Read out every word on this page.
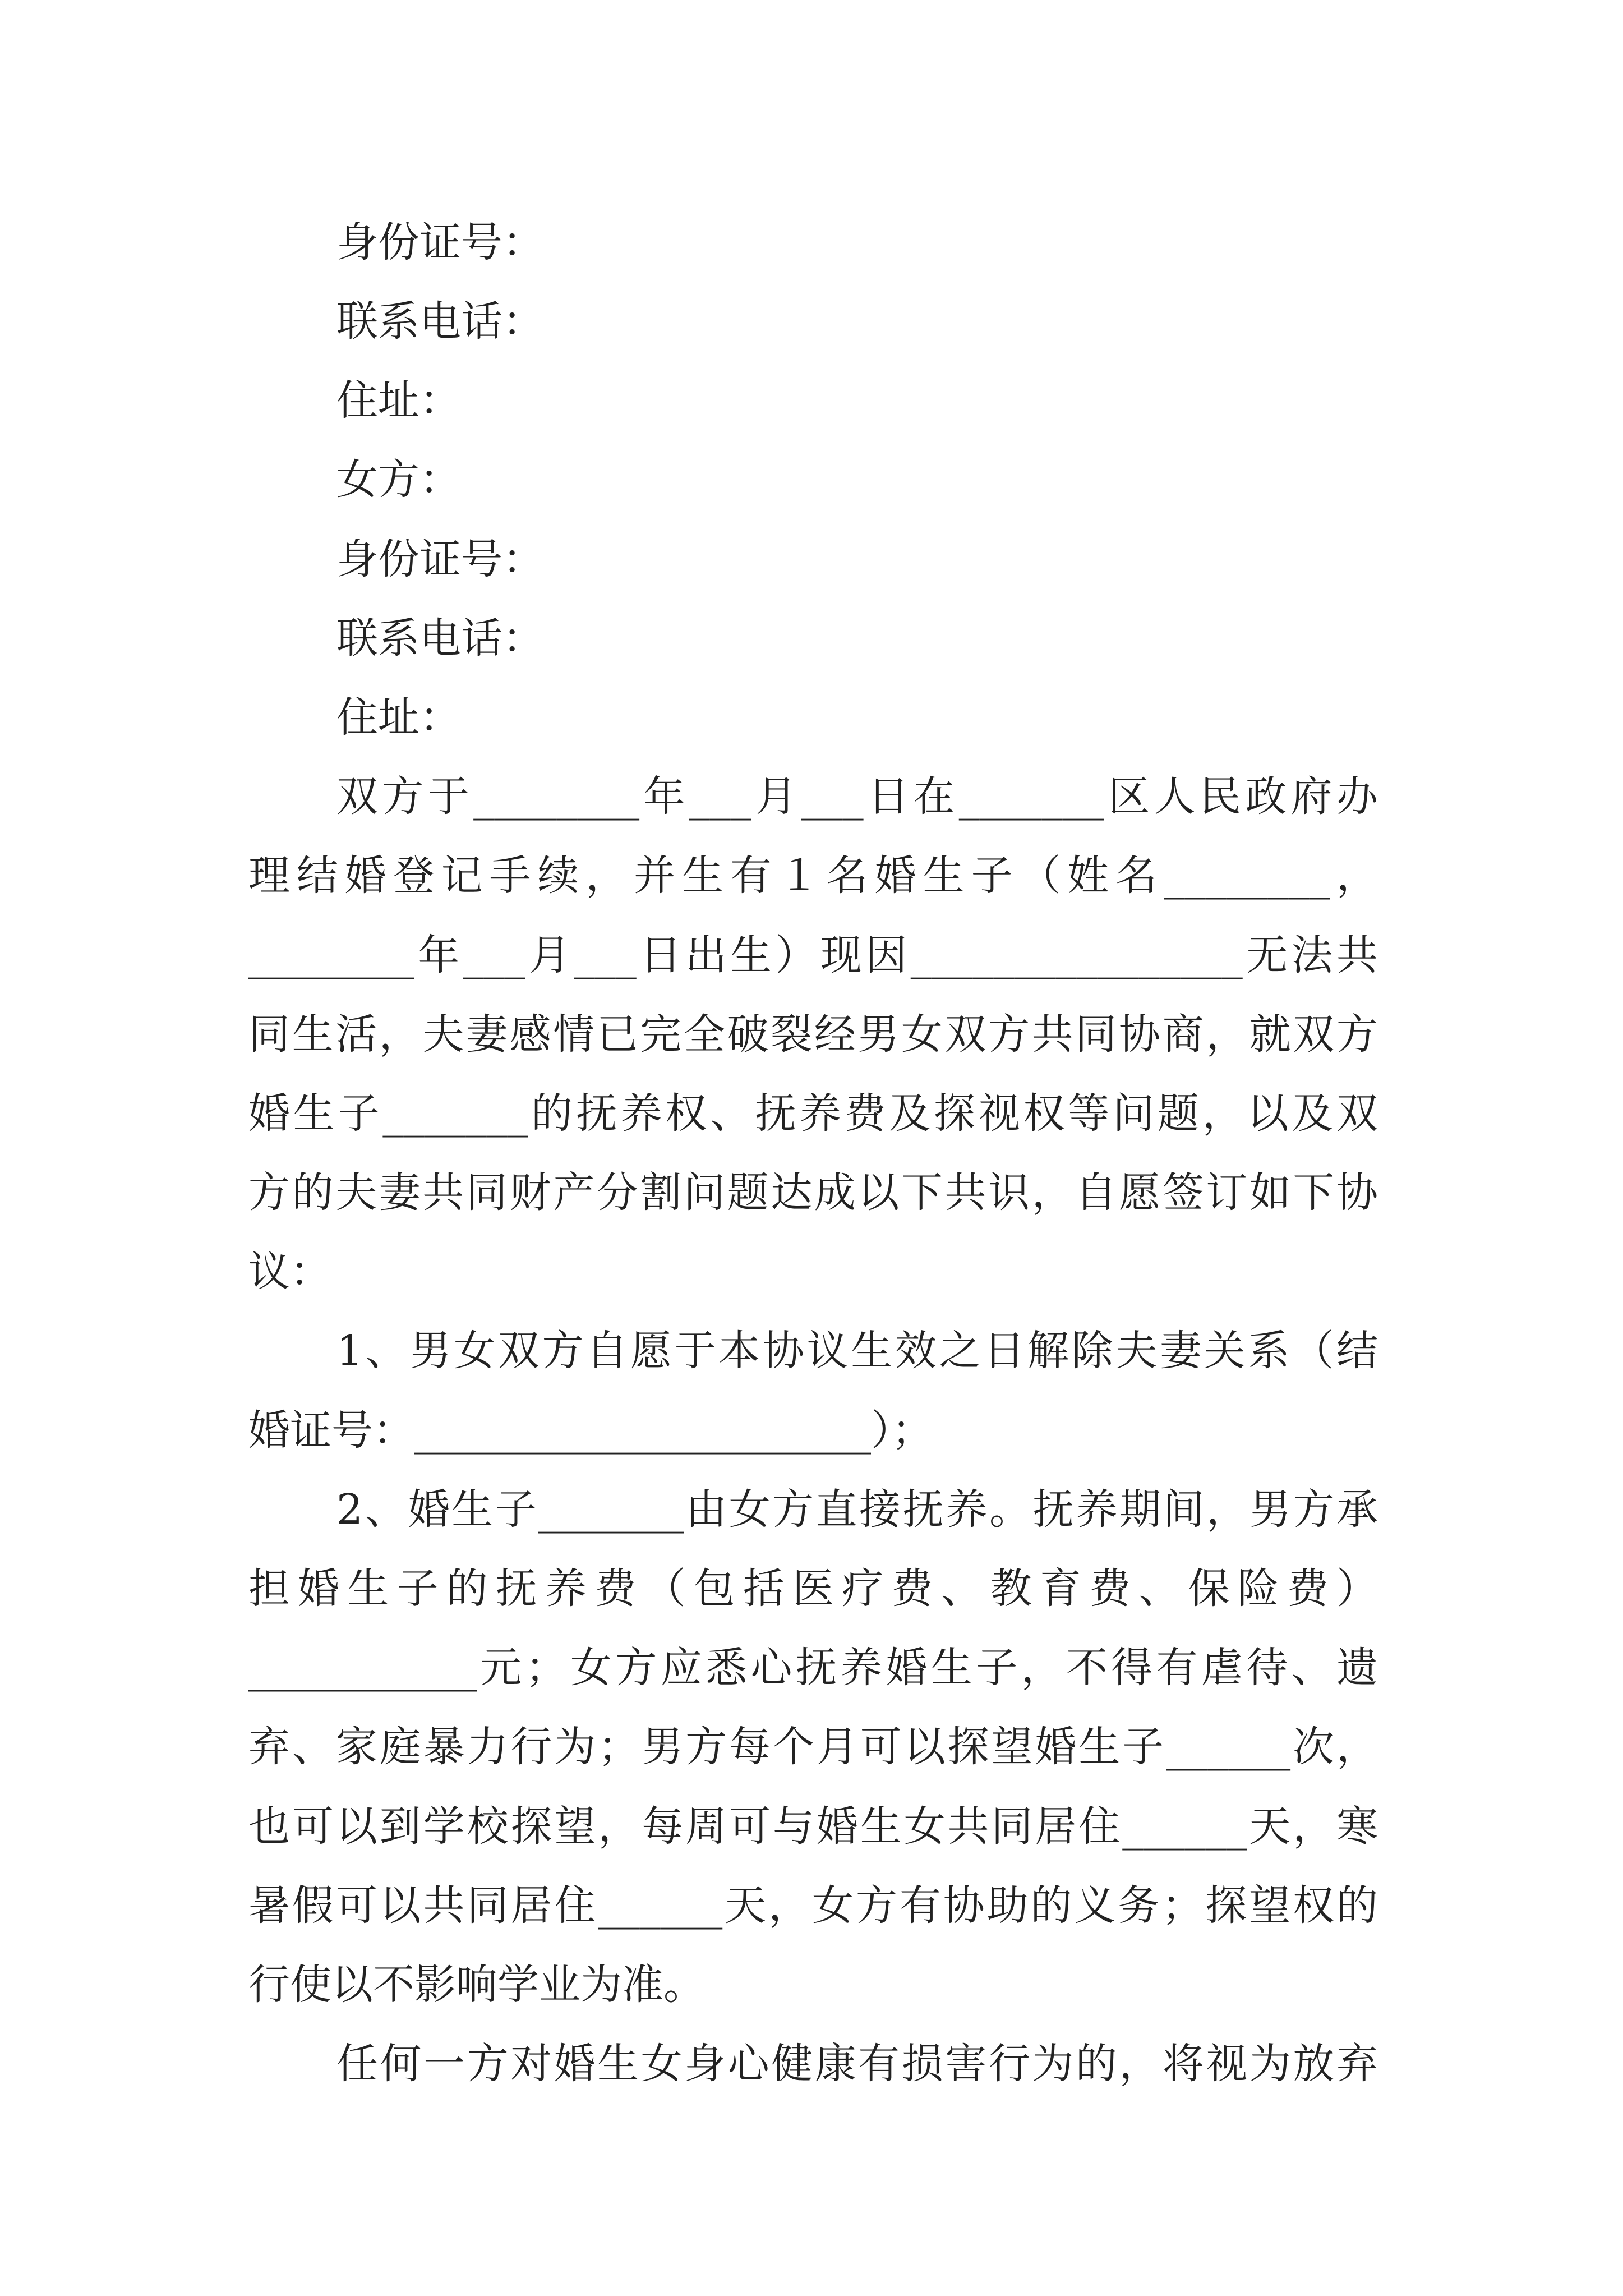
身份证号：
联系电话：
住址：
女方：
身份证号：
联系电话：
住址：
双方于________年___月___日在_______区人民政府办
理结婚登记手续，并生有１名婚生子（姓名________，
________年___月___日出生）现因________________无法共
同生活，夫妻感情已完全破裂经男女双方共同协商，就双方
婚生子_______的抚养权、抚养费及探视权等问题，以及双
方的夫妻共同财产分割问题达成以下共识，自愿签订如下协
议：
1、男女双方自愿于本协议生效之日解除夫妻关系（结
婚证号：______________________）；
2、婚生子_______由女方直接抚养。抚养期间，男方承
担婚生子的抚养费（包括医疗费、教育费、保险费）
___________元；女方应悉心抚养婚生子，不得有虐待、遗
弃、家庭暴力行为；男方每个月可以探望婚生子______次，
也可以到学校探望，每周可与婚生女共同居住______天，寒
暑假可以共同居住______天，女方有协助的义务；探望权的
行使以不影响学业为准。
任何一方对婚生女身心健康有损害行为的，将视为放弃
